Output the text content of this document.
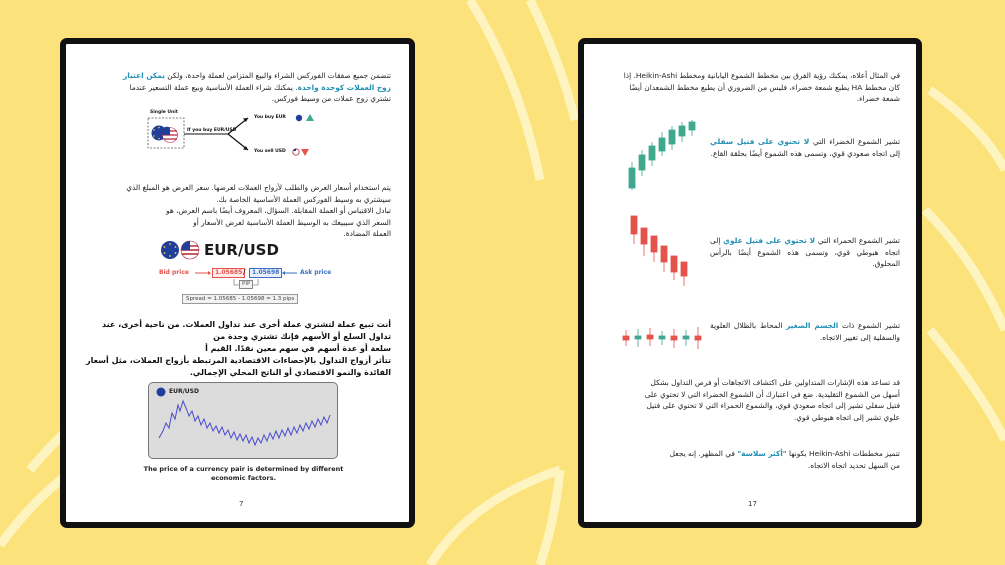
تتضمن جميع صفقات الفوركس الشراء والبيع المتزامن لعملة واحدة، ولكن يمكن اعتبار
زوج العملات كوحدة واحدة. يمكنك شراء العملة الأساسية وبيع عملة التسعير عندما
تشتري زوج عملات من وسيط فوركس.
Single Unit
If you buy EUR/USD
You buy EUR
You sell USD
يتم استخدام أسعار العرض والطلب لأزواج العملات لعرضها. سعر العرض هو المبلغ الذي
سيشتري به وسيط الفوركس العملة الأساسية الخاصة بك.
تبادل الاقتباس أو العملة المقابلة. السؤال، المعروف أيضًا باسم العرض، هو
السعر الذي سيبيعك به الوسيط العملة الأساسية لعرض الأسعار أو
العملة المضادة.
EUR/USD
Bid price	1.05685 /	1.05698	Ask price
PIP
Spread = 1.05685 - 1.05698 = 1.3 pips
أنت تبيع عملة لتشتري عملة أخرى عند تداول العملات. من ناحية أخرى، عند
تداول السلع أو الأسهم فإنك تشتري وحدة من
سلعة أو عدة أسهم في سهم معين نقدًا. القيم أ
تتأثر أزواج التداول بالإحصاءات الاقتصادية المرتبطة بأزواج العملات، مثل أسعار
الفائدة والنمو الاقتصادي أو الناتج المحلي الإجمالي.
EUR/USD
The price of a currency pair is determined by different
economic factors.
7
في المثال أعلاه، يمكنك رؤية الفرق بين مخطط الشموع اليابانية ومخطط Heikin-Ashi. إذا
كان مخطط HA يطبع شمعة خضراء، فليس من الضروري أن يطبع مخطط الشمعدان أيضًا
شمعة خضراء.
تشير الشموع الخضراء التي لا تحتوي على فتيل سفلي إلى اتجاه صعودي قوي، وتسمى هذه الشموع أيضًا بحلقة القاع.
تشير الشموع الحمراء التي لا تحتوي على فتيل علوي إلى اتجاه هبوطي قوي، وتسمى هذه الشموع أيضًا بالرأس المحلوق.
تشير الشموع ذات الجسم الصغير المحاط بالظلال العلوية والسفلية إلى تغيير الاتجاه.
قد تساعد هذه الإشارات المتداولين على اكتشاف الاتجاهات أو فرص التداول بشكل
أسهل من الشموع التقليدية. ضع في اعتبارك أن الشموع الخضراء التي لا تحتوي على
فتيل سفلي تشير إلى اتجاه صعودي قوي، والشموع الحمراء التي لا تحتوي على فتيل
علوي تشير إلى اتجاه هبوطي قوي.
تتميز مخططات Heikin-Ashi بكونها "أكثر سلاسة" في المظهر. إنه يجعل
من السهل تحديد اتجاه الاتجاه.
17
